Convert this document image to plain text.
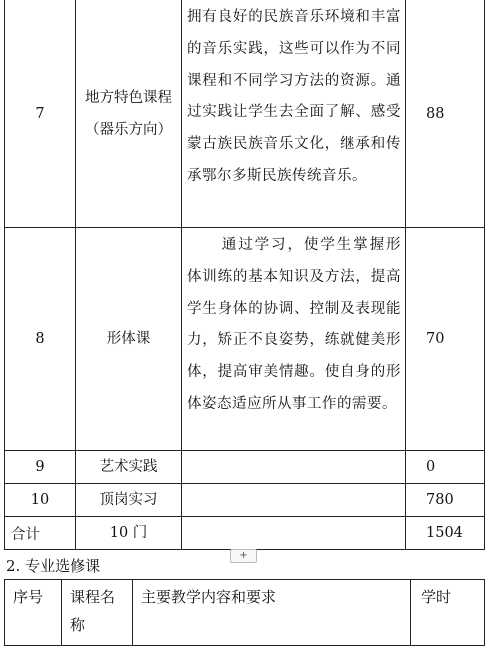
7	地方特色课程（器乐方向）	拥有良好的民族音乐环境和丰富的音乐实践，这些可以作为不同课程和不同学习方法的资源。通过实践让学生去全面了解、感受蒙古族民族音乐文化，继承和传承鄂尔多斯民族传统音乐。	88
8	形体课	通过学习，使学生掌握形体训练的基本知识及方法，提高学生身体的协调、控制及表现能力，矫正不良姿势，练就健美形体，提高审美情趣。使自身的形体姿态适应所从事工作的需要。	70
9	艺术实践		0
10	顶岗实习		780
合计	10 门		1504
+
2. 专业选修课
序号	课程名称	主要教学内容和要求	学时
